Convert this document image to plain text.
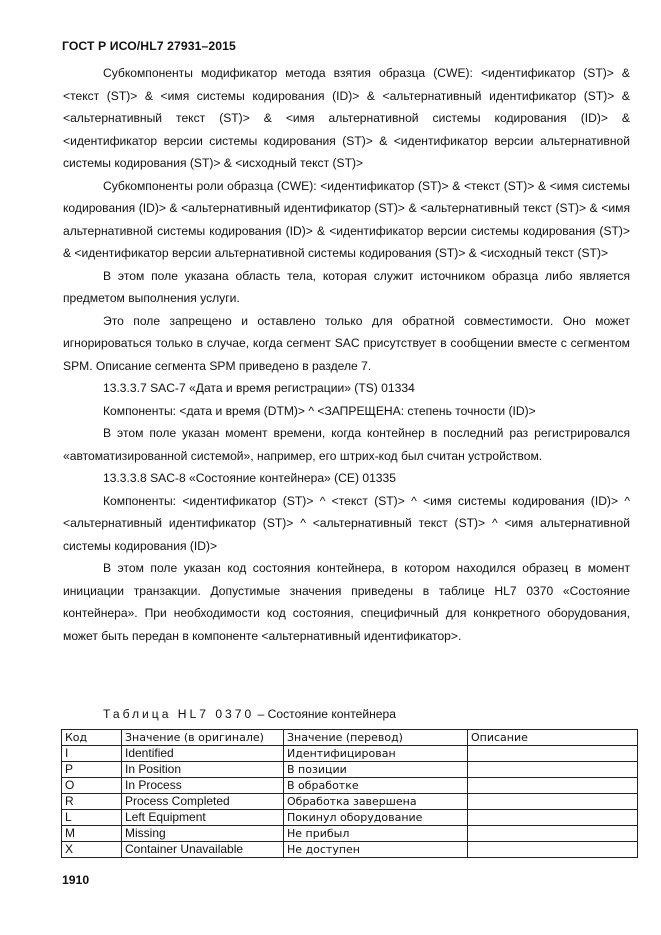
ГОСТ Р ИСО/HL7 27931–2015

Субкомпоненты модификатор метода взятия образца (CWE): <идентификатор (ST)> & <текст (ST)> & <имя системы кодирования (ID)> & <альтернативный идентификатор (ST)> & <альтернативный текст (ST)> & <имя альтернативной системы кодирования (ID)> & <идентификатор версии системы кодирования (ST)> & <идентификатор версии альтернативной системы кодирования (ST)> & <исходный текст (ST)>

Субкомпоненты роли образца (CWE): <идентификатор (ST)> & <текст (ST)> & <имя системы кодирования (ID)> & <альтернативный идентификатор (ST)> & <альтернативный текст (ST)> & <имя альтернативной системы кодирования (ID)> & <идентификатор версии системы кодирования (ST)> & <идентификатор версии альтернативной системы кодирования (ST)> & <исходный текст (ST)>

В этом поле указана область тела, которая служит источником образца либо является предметом выполнения услуги.

Это поле запрещено и оставлено только для обратной совместимости. Оно может игнорироваться только в случае, когда сегмент SAC присутствует в сообщении вместе с сегментом SPM. Описание сегмента SPM приведено в разделе 7.

13.3.3.7 SAC-7 «Дата и время регистрации» (TS) 01334

Компоненты: <дата и время (DTM)> ^ <ЗАПРЕЩЕНА: степень точности (ID)>

В этом поле указан момент времени, когда контейнер в последний раз регистрировался «автоматизированной системой», например, его штрих-код был считан устройством.

13.3.3.8 SAC-8 «Состояние контейнера» (CE) 01335

Компоненты: <идентификатор (ST)> ^ <текст (ST)> ^ <имя системы кодирования (ID)> ^ <альтернативный идентификатор (ST)> ^ <альтернативный текст (ST)> ^ <имя альтернативной системы кодирования (ID)>

В этом поле указан код состояния контейнера, в котором находился образец в момент инициации транзакции. Допустимые значения приведены в таблице HL7 0370 «Состояние контейнера». При необходимости код состояния, специфичный для конкретного оборудования, может быть передан в компоненте <альтернативный идентификатор>.

Таблица HL7 0370 – Состояние контейнера
Код	Значение (в оригинале)	Значение (перевод)	Описание
I	Identified	Идентифицирован	
P	In Position	В позиции	
O	In Process	В обработке	
R	Process Completed	Обработка завершена	
L	Left Equipment	Покинул оборудование	
M	Missing	Не прибыл	
X	Container Unavailable	Не доступен	
1910
